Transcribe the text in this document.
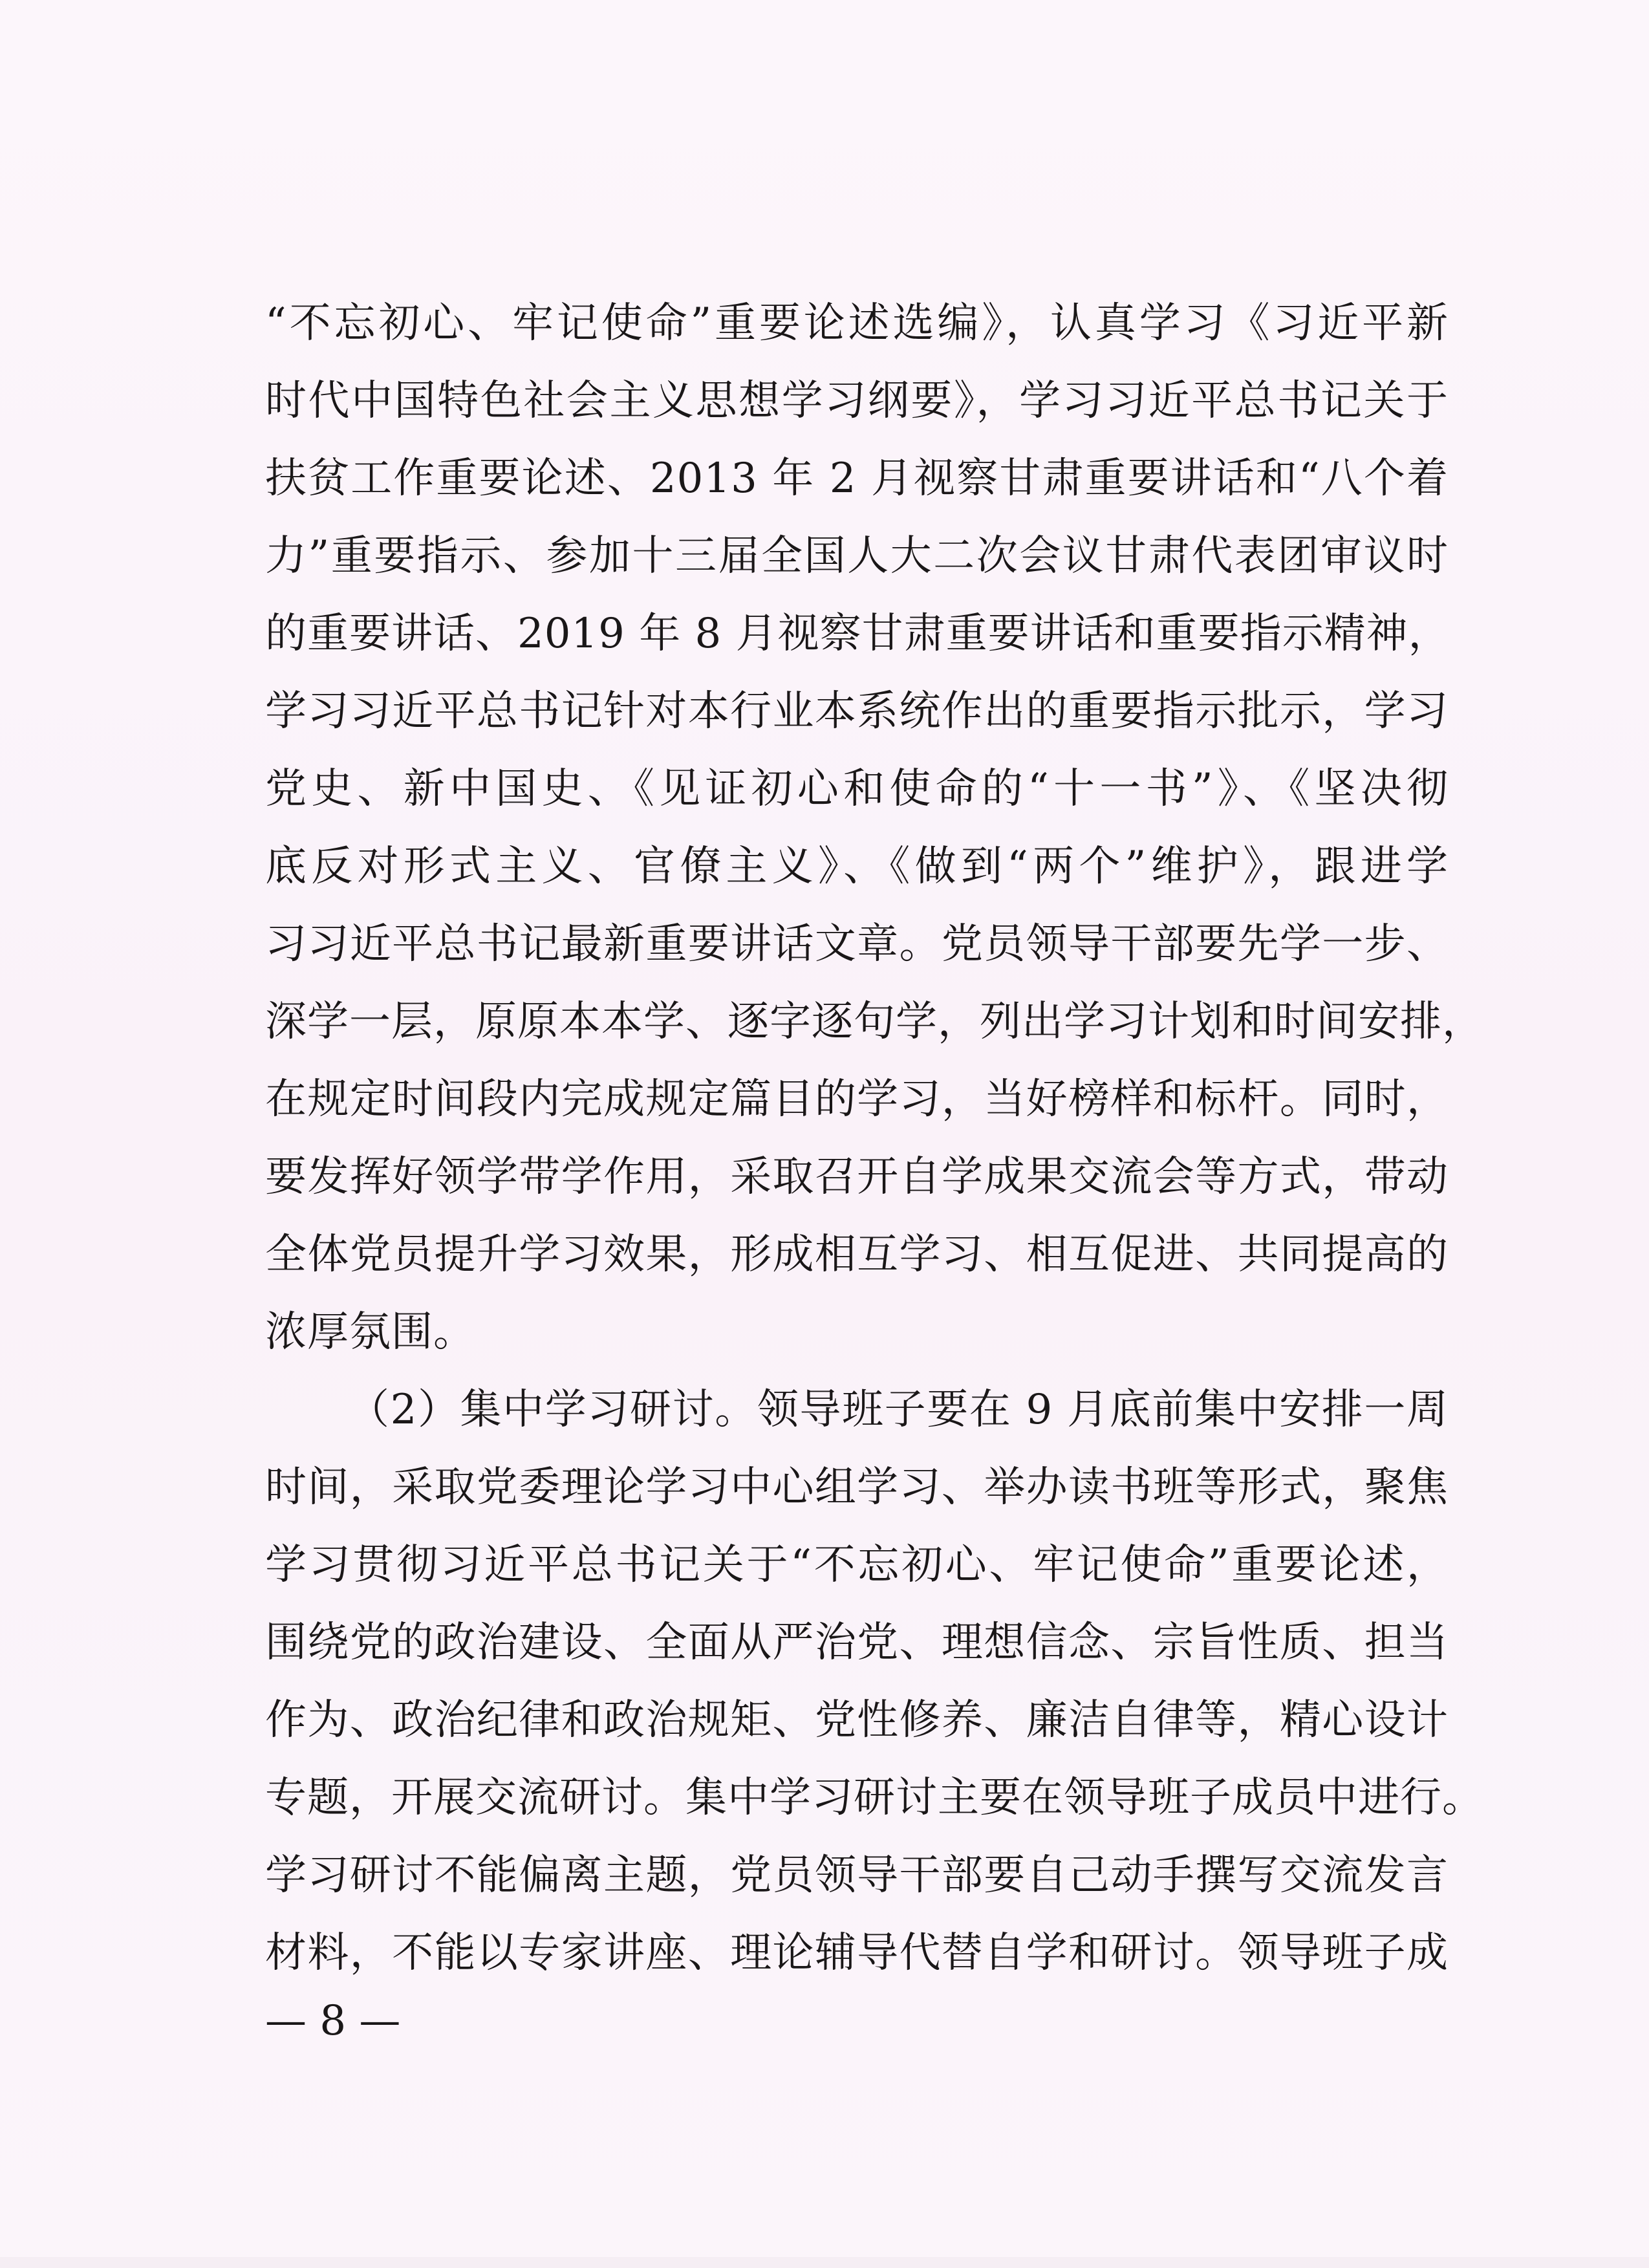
“不忘初心、牢记使命”重要论述选编》，认真学习《习近平新
时代中国特色社会主义思想学习纲要》，学习习近平总书记关于
扶贫工作重要论述、2013 年 2 月视察甘肃重要讲话和“八个着
力”重要指示、参加十三届全国人大二次会议甘肃代表团审议时
的重要讲话、2019 年 8 月视察甘肃重要讲话和重要指示精神，
学习习近平总书记针对本行业本系统作出的重要指示批示，学习
党史、新中国史、《见证初心和使命的“十一书”》、《坚决彻
底反对形式主义、官僚主义》、《做到“两个”维护》，跟进学
习习近平总书记最新重要讲话文章。党员领导干部要先学一步、
深学一层，原原本本学、逐字逐句学，列出学习计划和时间安排，
在规定时间段内完成规定篇目的学习，当好榜样和标杆。同时，
要发挥好领学带学作用，采取召开自学成果交流会等方式，带动
全体党员提升学习效果，形成相互学习、相互促进、共同提高的
浓厚氛围。
（2）集中学习研讨。领导班子要在 9 月底前集中安排一周
时间，采取党委理论学习中心组学习、举办读书班等形式，聚焦
学习贯彻习近平总书记关于“不忘初心、牢记使命”重要论述，
围绕党的政治建设、全面从严治党、理想信念、宗旨性质、担当
作为、政治纪律和政治规矩、党性修养、廉洁自律等，精心设计
专题，开展交流研讨。集中学习研讨主要在领导班子成员中进行。
学习研讨不能偏离主题，党员领导干部要自己动手撰写交流发言
材料，不能以专家讲座、理论辅导代替自学和研讨。领导班子成
— 8 —
